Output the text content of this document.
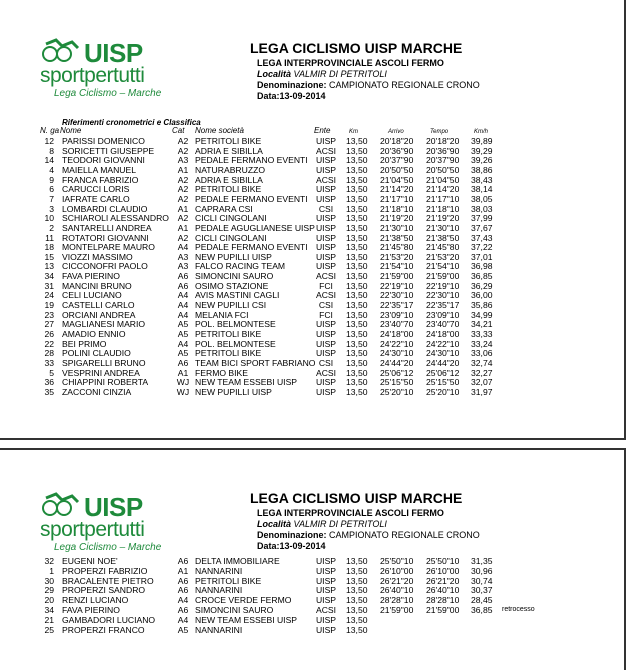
UISP
sportpertutti
Lega Ciclismo – Marche
LEGA CICLISMO UISP MARCHE
LEGA INTERPROVINCIALE ASCOLI FERMO
Località VALMIR DI PETRITOLI
Denominazione: CAMPIONATO REGIONALE CRONO
Data:13-09-2014
Riferimenti cronometrici e Classifica
N. ga Nome	Cat Nome società	Ente	Km	Arrivo	Tempo	Km/h
12 PARISSI DOMENICO	A2 PETRITOLI BIKE	UISP 13,50 20'18"20 20'18"20 39,89
8 SORICETTI GIUSEPPE	A2 ADRIA E SIBILLA	ACSI 13,50 20'36"90 20'36"90 39,29
14 TEODORI GIOVANNI	A3 PEDALE FERMANO EVENTI UISP 13,50 20'37"90 20'37"90 39,26
4 MAIELLA MANUEL	A1 NATURABRUZZO	UISP 13,50 20'50"50 20'50"50 38,86
9 FRANCA FABRIZIO	A2 ADRIA E SIBILLA	ACSI 13,50 21'04"50 21'04"50 38,43
6 CARUCCI LORIS	A2 PETRITOLI BIKE	UISP 13,50 21'14"20 21'14"20 38,14
7 IAFRATE CARLO	A2 PEDALE FERMANO EVENTI UISP 13,50 21'17"10 21'17"10 38,05
3 LOMBARDI CLAUDIO	A1 CAPRARA CSI	CSI	13,50 21'18"10 21'18"10 38,03
10 SCHIAROLI ALESSANDRO A2 CICLI CINGOLANI	UISP 13,50 21'19"20 21'19"20 37,99
2 SANTARELLI ANDREA	A1 PEDALE AGUGLIANESE UISP UISP 13,50 21'30"10 21'30"10 37,67
11 ROTATORI GIOVANNI	A2 CICLI CINGOLANI	UISP 13,50 21'38"50 21'38"50 37,43
18 MONTELPARE MAURO	A4 PEDALE FERMANO EVENTI UISP 13,50 21'45"80 21'45"80 37,22
15 VIOZZI MASSIMO	A3 NEW PUPILLI UISP	UISP 13,50 21'53"20 21'53"20 37,01
13 CICCONOFRI PAOLO	A3 FALCO RACING TEAM	UISP 13,50 21'54"10 21'54"10 36,98
34 FAVA PIERINO	A6 SIMONCINI SAURO	ACSI 13,50 21'59"00 21'59"00 36,85
31 MANCINI BRUNO	A6 OSIMO STAZIONE	FCI	13,50 22'19"10 22'19"10 36,29
24 CELI LUCIANO	A4 AVIS MASTINI CAGLI	ACSI 13,50 22'30"10 22'30"10 36,00
19 CASTELLI CARLO	A4 NEW PUPILLI CSI	CSI	13,50 22'35"17 22'35"17 35,86
23 ORCIANI ANDREA	A4 MELANIA FCI	FCI	13,50 23'09"10 23'09"10 34,99
27 MAGLIANESI MARIO	A5 POL. BELMONTESE	UISP 13,50 23'40"70 23'40"70 34,21
26 AMADIO ENNIO	A5 PETRITOLI BIKE	UISP 13,50 24'18"00 24'18"00 33,33
22 BEI PRIMO	A4 POL. BELMONTESE	UISP 13,50 24'22"10 24'22"10 33,24
28 POLINI CLAUDIO	A5 PETRITOLI BIKE	UISP 13,50 24'30"10 24'30"10 33,06
33 SPIGARELLI BRUNO	A6 TEAM BICI SPORT FABRIANO CSI	13,50 24'44"20 24'44"20 32,74
5 VESPRINI ANDREA	A1 FERMO BIKE	ACSI 13,50 25'06"12 25'06"12 32,27
36 CHIAPPINI ROBERTA	WJ NEW TEAM ESSEBI UISP UISP 13,50 25'15"50 25'15"50 32,07
35 ZACCONI CINZIA	WJ NEW PUPILLI UISP	UISP 13,50 25'20"10 25'20"10 31,97
UISP
sportpertutti
Lega Ciclismo – Marche
LEGA CICLISMO UISP MARCHE
LEGA INTERPROVINCIALE ASCOLI FERMO
Località VALMIR DI PETRITOLI
Denominazione: CAMPIONATO REGIONALE CRONO
Data:13-09-2014
32 EUGENI NOE'	A6 DELTA IMMOBILIARE	UISP 13,50 25'50"10 25'50"10 31,35
1 PROPERZI FABRIZIO	A1 NANNARINI	UISP 13,50 26'10"00 26'10"00 30,96
30 BRACALENTE PIETRO	A6 PETRITOLI BIKE	UISP 13,50 26'21"20 26'21"20 30,74
29 PROPERZI SANDRO	A6 NANNARINI	UISP 13,50 26'40"10 26'40"10 30,37
20 RENZI LUCIANO	A4 CROCE VERDE FERMO	UISP 13,50 28'28"10 28'28"10 28,45
34 FAVA PIERINO	A6 SIMONCINI SAURO	ACSI 13,50 21'59"00 21'59"00 36,85 retrocesso
21 GAMBADORI LUCIANO	A4 NEW TEAM ESSEBI UISP UISP 13,50
25 PROPERZI FRANCO	A5 NANNARINI	UISP 13,50
